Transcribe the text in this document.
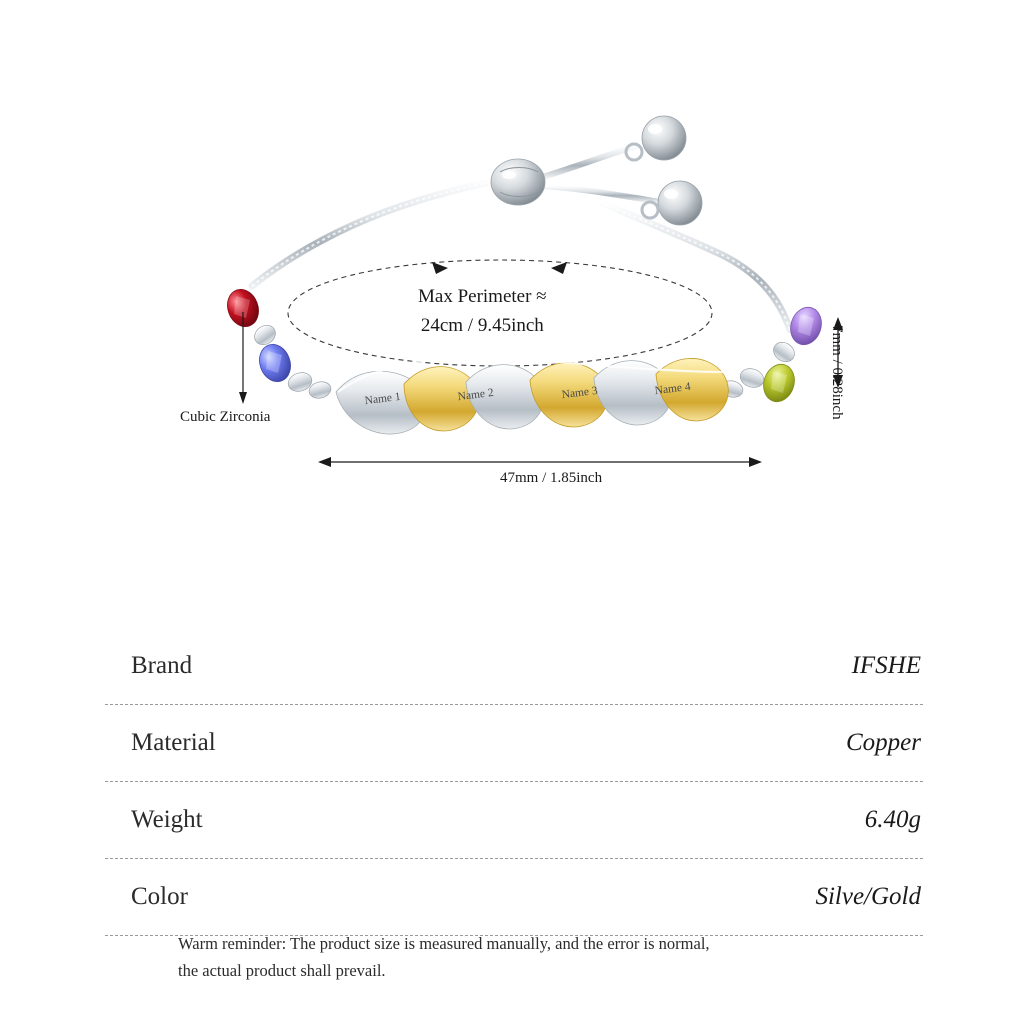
Name 1	Name 2	Name 3	Name 4
Max Perimeter ≈
24cm / 9.45inch
Cubic Zirconia
47mm / 1.85inch
7mm / 0.28inch
Brand	IFSHE
Material	Copper
Weight	6.40g
Color	Silve/Gold
Warm reminder: The product size is measured manually, and the error is normal,
the actual product shall prevail.
